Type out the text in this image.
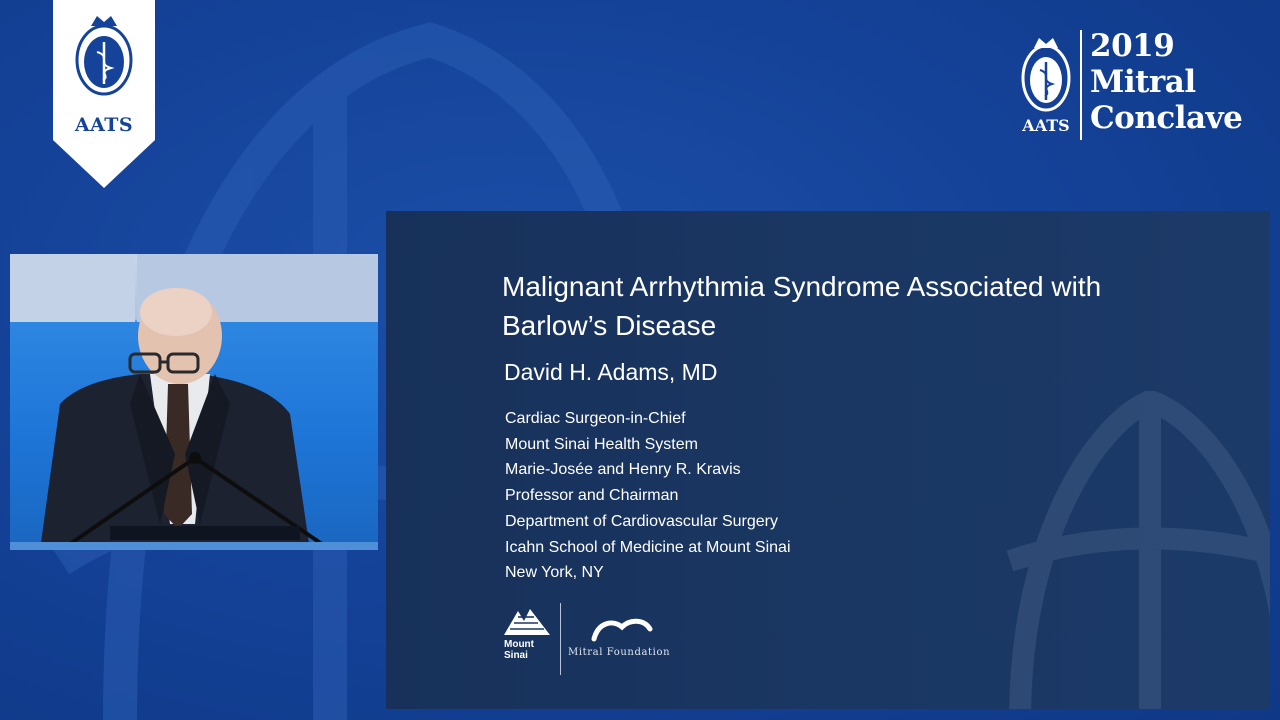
AATS	AATS
2019
Mitral
Conclave
Malignant Arrhythmia Syndrome Associated with
Barlow’s Disease
David H. Adams, MD
Cardiac Surgeon-in-Chief
Mount Sinai Health System
Marie-Josée and Henry R. Kravis
Professor and Chairman
Department of Cardiovascular Surgery
Icahn School of Medicine at Mount Sinai
New York, NY
Mount
Sinai	Mitral Foundation
